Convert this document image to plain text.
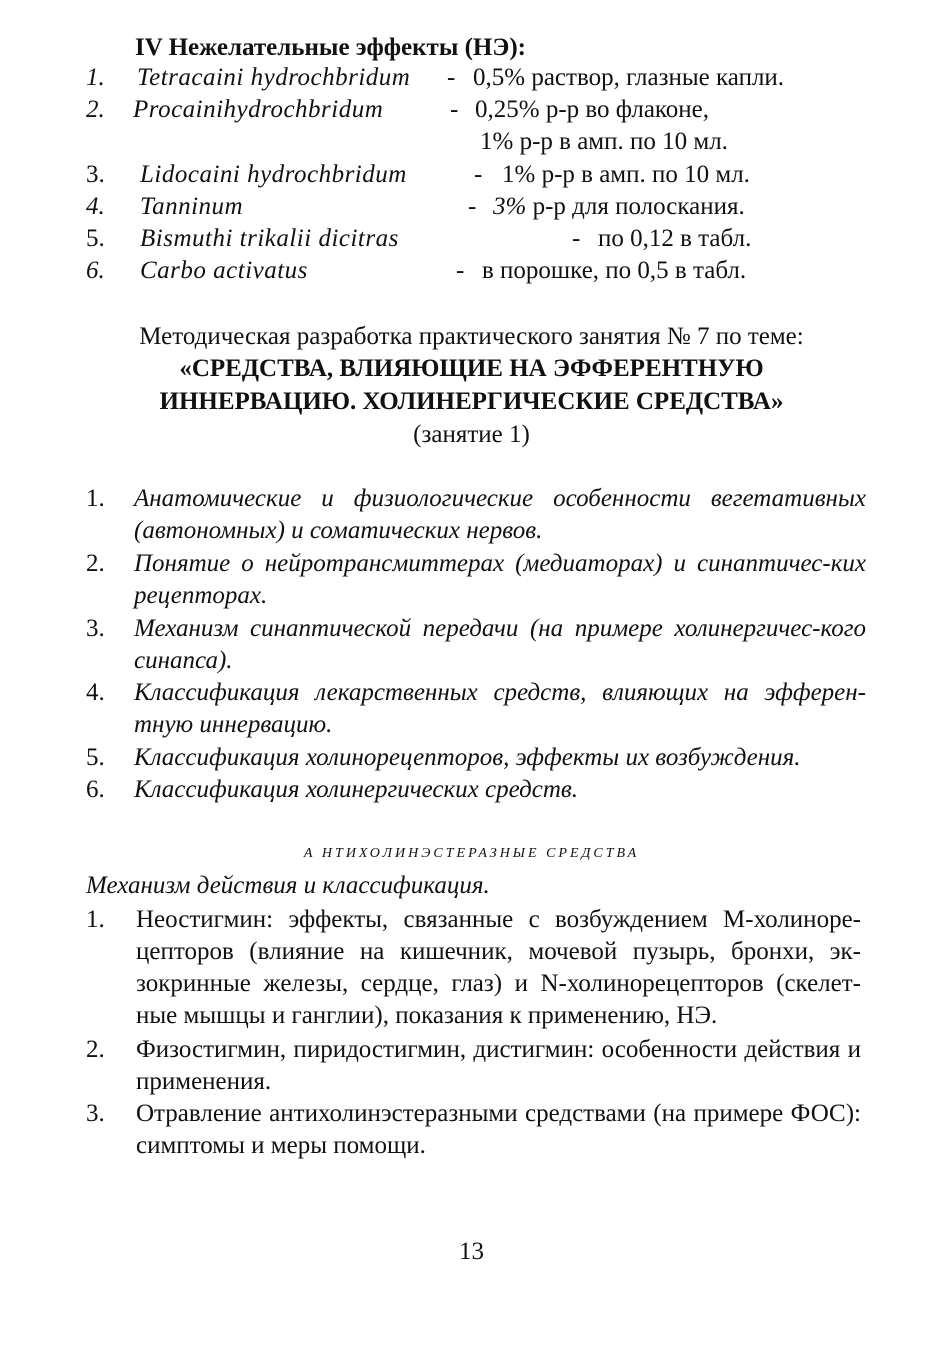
IV Нежелательные эффекты (НЭ):
1. Tetracaini hydrochbridum - 0,5% раствор, глазные капли.
2. Procainihydrochbridum	- 0,25% р-р во флаконе,
1% р-р в амп. по 10 мл.
3. Lidocaini hydrochbridum	- 1% р-р в амп. по 10 мл.
4. Tanninum	- 3% р-р для полоскания.
5. Bismuthi trikalii dicitras	- по 0,12 в табл.
6. Carbo activatus	- в порошке, по 0,5 в табл.
Методическая разработка практического занятия № 7 по теме:
«СРЕДСТВА, ВЛИЯЮЩИЕ НА ЭФФЕРЕНТНУЮ
ИННЕРВАЦИЮ. ХОЛИНЕРГИЧЕСКИЕ СРЕДСТВА»
(занятие 1)
1. Анатомические и физиологические особенности вегетативных (автономных) и соматических нервов.
2. Понятие о нейротрансмиттерах (медиаторах) и синаптичес-ких рецепторах.
3. Механизм синаптической передачи (на примере холинергичес-кого синапса).
4. Классификация лекарственных средств, влияющих на эфферен-тную иннервацию.
5. Классификация холинорецепторов, эффекты их возбуждения.
6. Классификация холинергических средств.
А НТИХОЛИНЭСТЕРАЗНЫЕ СРЕДСТВА
Механизм действия и классификация.
1. Неостигмин: эффекты, связанные с возбуждением М-холиноре-цепторов (влияние на кишечник, мочевой пузырь, бронхи, эк-зокринные железы, сердце, глаз) и N-холинорецепторов (скелет-ные мышцы и ганглии), показания к применению, НЭ.
2. Физостигмин, пиридостигмин, дистигмин: особенности действия и применения.
3. Отравление антихолинэстеразными средствами (на примере ФОС): симптомы и меры помощи.
13
